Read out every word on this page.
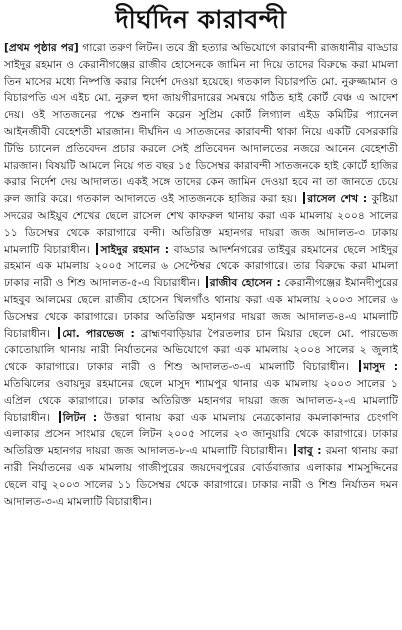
দীর্ঘদিন কারাবন্দী
[প্রথম পৃষ্ঠার পর] গারো তরুণ লিটন। তবে স্ত্রী হত্যার অভিযোগে কারাবন্দী রাজধানীর বাড্ডার সাইদুর রহমান ও কেরানীগঞ্জের রাজীব হোসেনকে জামিন না দিয়ে তাদের বিরুদ্ধে করা মামলা তিন মাসের মধ্যে নিষ্পত্তি করার নির্দেশ দেওয়া হয়েছে। গতকাল বিচারপতি মো. নুরুজ্জামান ও বিচারপতি এস এইচ মো. নুরুল হুদা জায়গীরদারের সমন্বয়ে গঠিত হাই কোর্ট বেঞ্চ এ আদেশ দেয়। ওই সাতজনের পক্ষে শুনানি করেন সুপ্রিম কোর্ট লিগ্যাল এইড কমিটির প্যানেল আইনজীবী বেহেশতী মারজান। দীর্ঘদিন এ সাতজনের কারাবন্দী থাকা নিয়ে একটি বেসরকারি টিভি চ্যানেল প্রতিবেদন প্রচার করলে সেই প্রতিবেদন আদালতের নজরে আনেন বেহেশতী মারজান। বিষয়টি আমলে নিয়ে গত বছর ১৫ ডিসেম্বর কারাবন্দী সাতজনকে হাই কোর্টে হাজির করার নির্দেশ দেয় আদালত। একই সঙ্গে তাদের কেন জামিন দেওয়া হবে না তা জানতে চেয়ে রুল জারি করে। গতকাল আদালতে ওই সাতজনকে হাজির করা হয়। রাসেল শেখ : কুষ্টিয়া সদরের আইয়ুব শেখের ছেলে রাসেল শেখ কাফরুল থানায় করা এক মামলায় ২০০৪ সালের ১১ ডিসেম্বর থেকে কারাগারে বন্দী। অতিরিক্ত মহানগর দায়রা জজ আদালত-৩ ঢাকায় মামলাটি বিচারাধীন। সাইদুর রহমান : বাড্ডার আদর্শনগরের তাইবুর রহমানের ছেলে সাইদুর রহমান এক মামলায় ২০০৫ সালের ৬ সেপ্টেম্বর থেকে কারাগারে। তার বিরুদ্ধে করা মামলা ঢাকার নারী ও শিশু আদালত-৫-এ বিচারাধীন। রাজীব হোসেন : কেরানীগঞ্জের ইমানদীপুরের মাহবুব আলমের ছেলে রাজীব হোসেন খিলগাঁও থানায় করা এক মামলায় ২০০৩ সালের ৬ ডিসেম্বর থেকে কারাগারে। ঢাকার অতিরিক্ত মহানগর দায়রা জজ আদালত-৪-এ মামলাটি বিচারাধীন। মো. পারভেজ : ব্রাহ্মণবাড়িয়ার পৈরতলার চান মিয়ার ছেলে মো. পারভেজ কোতোয়ালি থানায় নারী নির্যাতনের অভিযোগে করা এক মামলায় ২০০৪ সালের ২ জুলাই থেকে কারাগারে। ঢাকার নারী ও শিশু আদালত-৩-এ মামলাটি বিচারাধীন। মাসুদ : মতিঝিলের ওবায়দুর রহমানের ছেলে মাসুদ শ্যামপুর থানার এক মামলায় ২০০৩ সালের ১ এপ্রিল থেকে কারাগারে। ঢাকার অতিরিক্ত মহানগর দায়রা জজ আদালত-২-এ মামলাটি বিচারাধীন। লিটন : উত্তরা থানায় করা এক মামলায় নেত্রকোনার কমলাকান্দার চেংগণি এলাকার প্রসেন সাংমার ছেলে লিটন ২০০৫ সালের ২৩ জানুয়ারি থেকে কারাগারে। ঢাকার অতিরিক্ত মহানগর দায়রা জজ আদালত-৮-এ মামলাটি বিচারাধীন। বাবু : রমনা থানায় করা নারী নির্যাতনের এক মামলায় গাজীপুরের জয়দেবপুরের বোর্ডবাজার এলাকার শামসুদ্দিনের ছেলে বাবু ২০০৩ সালের ১১ ডিসেম্বর থেকে কারাগারে। ঢাকার নারী ও শিশু নির্যাতন দমন আদালত-৩-এ মামলাটি বিচারাধীন।
